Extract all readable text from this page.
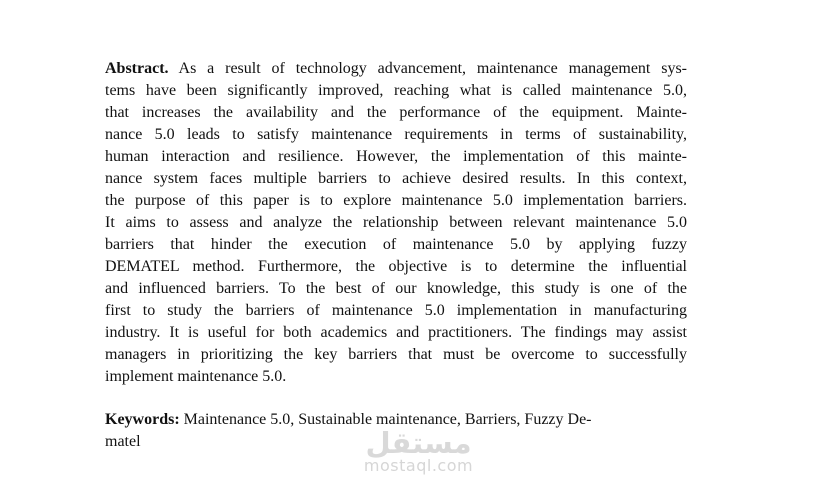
Abstract. As a result of technology advancement, maintenance management sys-
tems have been significantly improved, reaching what is called maintenance 5.0,
that increases the availability and the performance of the equipment. Mainte-
nance 5.0 leads to satisfy maintenance requirements in terms of sustainability,
human interaction and resilience. However, the implementation of this mainte-
nance system faces multiple barriers to achieve desired results. In this context,
the purpose of this paper is to explore maintenance 5.0 implementation barriers.
It aims to assess and analyze the relationship between relevant maintenance 5.0
barriers that hinder the execution of maintenance 5.0 by applying fuzzy
DEMATEL method. Furthermore, the objective is to determine the influential
and influenced barriers. To the best of our knowledge, this study is one of the
first to study the barriers of maintenance 5.0 implementation in manufacturing
industry. It is useful for both academics and practitioners. The findings may assist
managers in prioritizing the key barriers that must be overcome to successfully
implement maintenance 5.0.
Keywords: Maintenance 5.0, Sustainable maintenance, Barriers, Fuzzy De-
matel	مستقل
mostaql.com
